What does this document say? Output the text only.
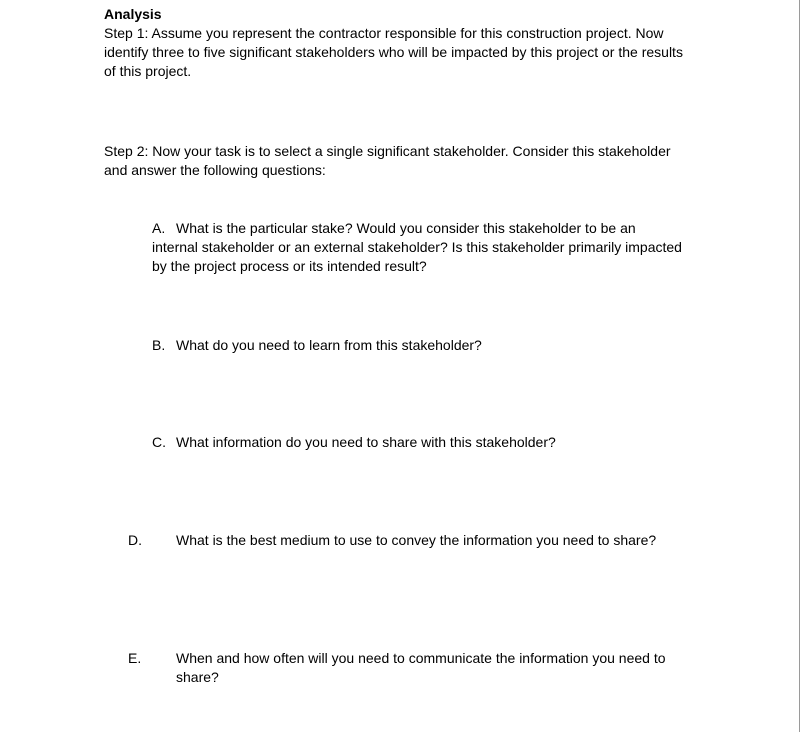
Analysis

Step 1: Assume you represent the contractor responsible for this construction project. Now identify three to five significant stakeholders who will be impacted by this project or the results of this project.

Step 2: Now your task is to select a single significant stakeholder. Consider this stakeholder and answer the following questions:

A. What is the particular stake? Would you consider this stakeholder to be an internal stakeholder or an external stakeholder? Is this stakeholder primarily impacted by the project process or its intended result?

B. What do you need to learn from this stakeholder?

C. What information do you need to share with this stakeholder?

D. What is the best medium to use to convey the information you need to share?

E. When and how often will you need to communicate the information you need to share?
